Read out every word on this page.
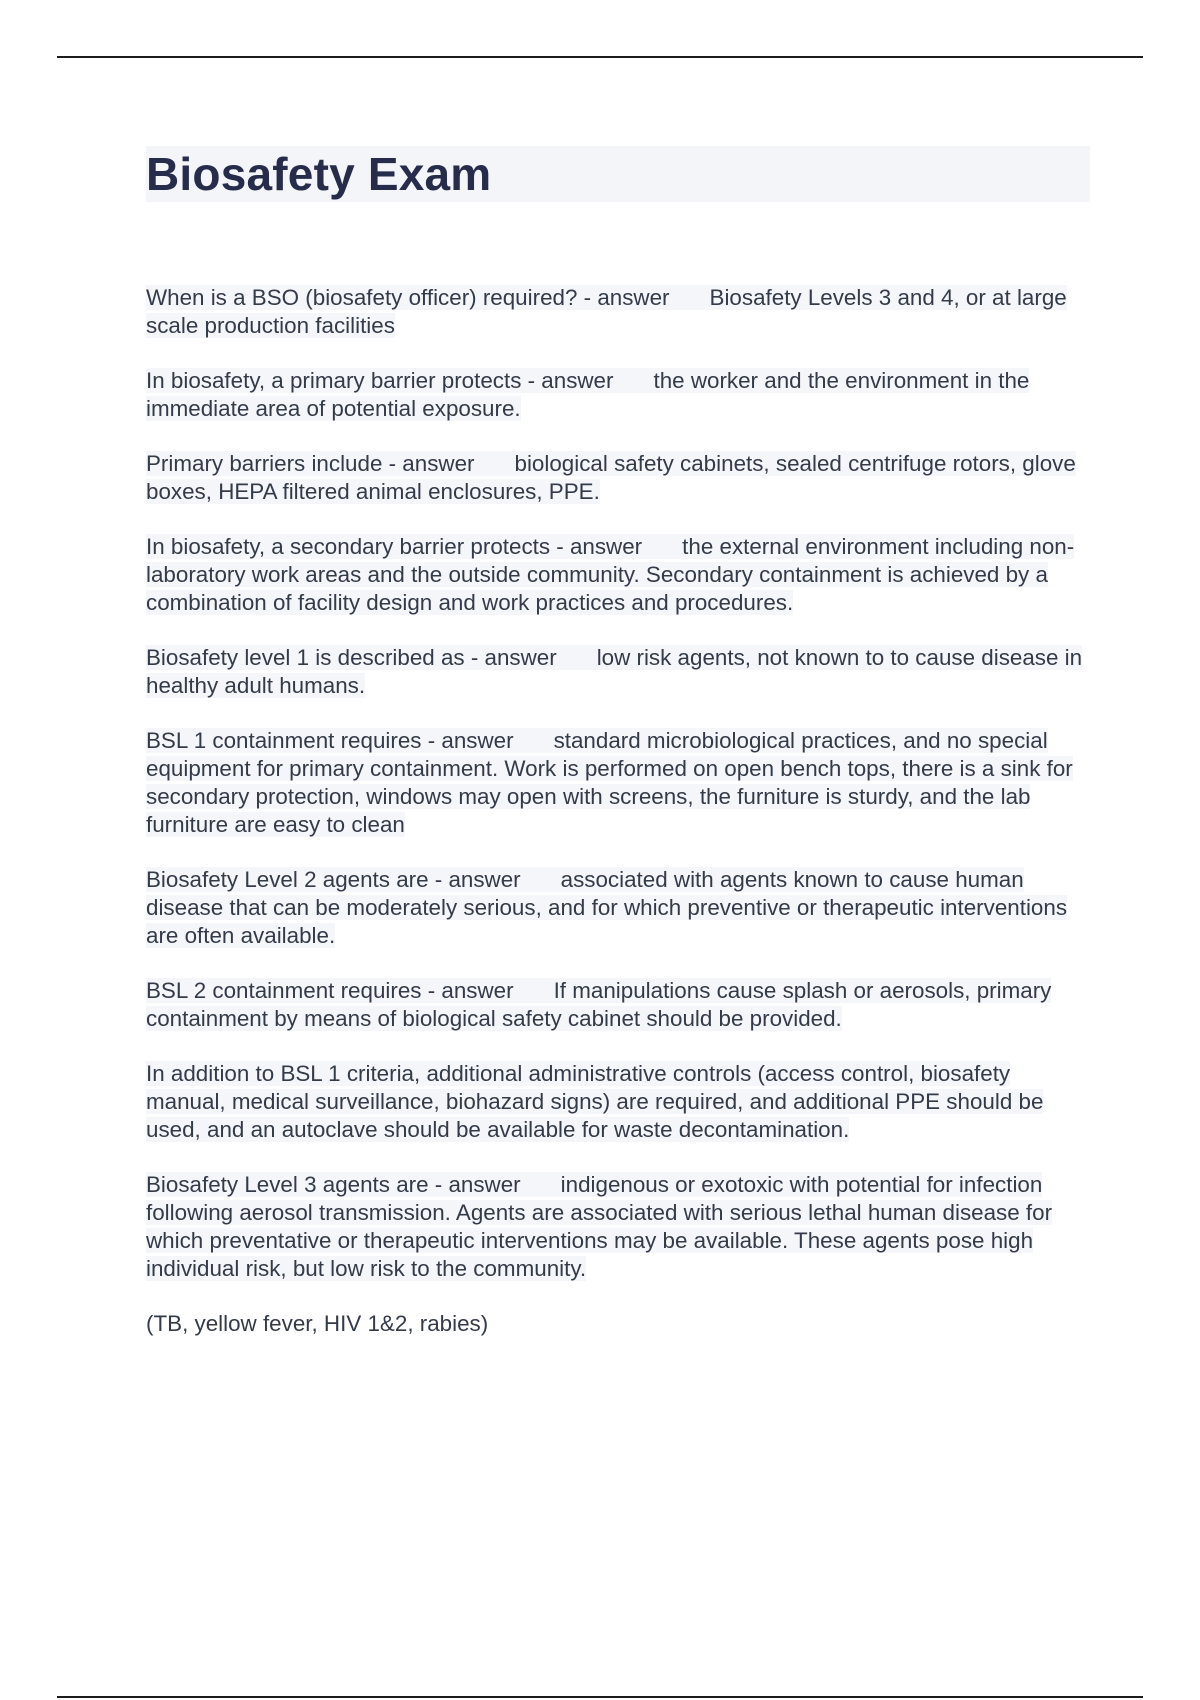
Biosafety Exam

When is a BSO (biosafety officer) required? - answer Biosafety Levels 3 and 4, or at large scale production facilities

In biosafety, a primary barrier protects - answer the worker and the environment in the immediate area of potential exposure.

Primary barriers include - answer biological safety cabinets, sealed centrifuge rotors, glove boxes, HEPA filtered animal enclosures, PPE.

In biosafety, a secondary barrier protects - answer the external environment including non-laboratory work areas and the outside community. Secondary containment is achieved by a combination of facility design and work practices and procedures.

Biosafety level 1 is described as - answer low risk agents, not known to to cause disease in healthy adult humans.

BSL 1 containment requires - answer standard microbiological practices, and no special equipment for primary containment. Work is performed on open bench tops, there is a sink for secondary protection, windows may open with screens, the furniture is sturdy, and the lab furniture are easy to clean

Biosafety Level 2 agents are - answer associated with agents known to cause human disease that can be moderately serious, and for which preventive or therapeutic interventions are often available.

BSL 2 containment requires - answer If manipulations cause splash or aerosols, primary containment by means of biological safety cabinet should be provided.

In addition to BSL 1 criteria, additional administrative controls (access control, biosafety manual, medical surveillance, biohazard signs) are required, and additional PPE should be used, and an autoclave should be available for waste decontamination.

Biosafety Level 3 agents are - answer indigenous or exotoxic with potential for infection following aerosol transmission. Agents are associated with serious lethal human disease for which preventative or therapeutic interventions may be available. These agents pose high individual risk, but low risk to the community.

(TB, yellow fever, HIV 1&2, rabies)
